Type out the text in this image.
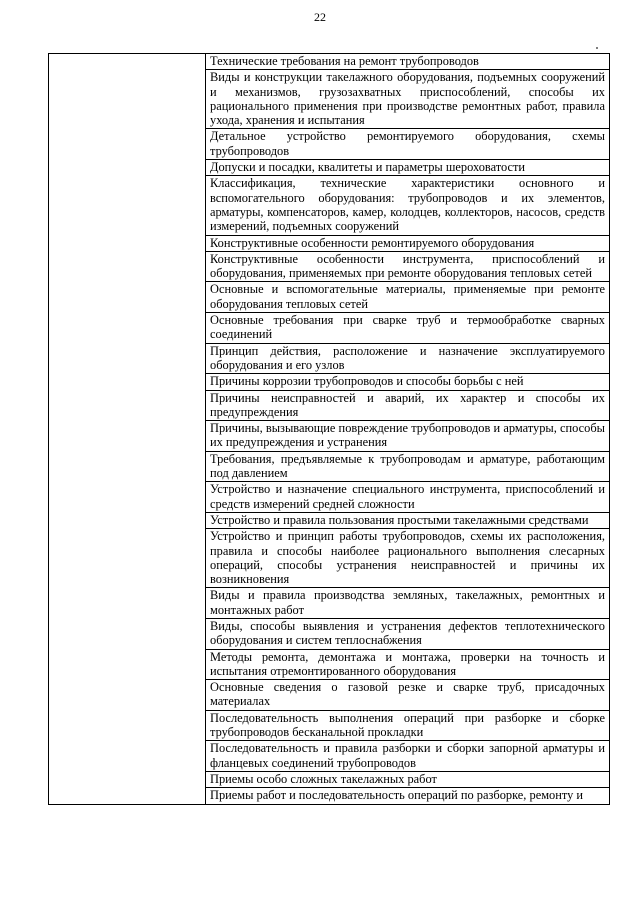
22
	Технические требования на ремонт трубопроводов
Виды и конструкции такелажного оборудования, подъемных сооружений и механизмов, грузозахватных приспособлений, способы их рационального применения при производстве ремонтных работ, правила ухода, хранения и испытания
Детальное устройство ремонтируемого оборудования, схемы трубопроводов
Допуски и посадки, квалитеты и параметры шероховатости
Классификация, технические характеристики основного и вспомогательного оборудования: трубопроводов и их элементов, арматуры, компенсаторов, камер, колодцев, коллекторов, насосов, средств измерений, подъемных сооружений
Конструктивные особенности ремонтируемого оборудования
Конструктивные особенности инструмента, приспособлений и оборудования, применяемых при ремонте оборудования тепловых сетей
Основные и вспомогательные материалы, применяемые при ремонте оборудования тепловых сетей
Основные требования при сварке труб и термообработке сварных соединений
Принцип действия, расположение и назначение эксплуатируемого оборудования и его узлов
Причины коррозии трубопроводов и способы борьбы с ней
Причины неисправностей и аварий, их характер и способы их предупреждения
Причины, вызывающие повреждение трубопроводов и арматуры, способы их предупреждения и устранения
Требования, предъявляемые к трубопроводам и арматуре, работающим под давлением
Устройство и назначение специального инструмента, приспособлений и средств измерений средней сложности
Устройство и правила пользования простыми такелажными средствами
Устройство и принцип работы трубопроводов, схемы их расположения, правила и способы наиболее рационального выполнения слесарных операций, способы устранения неисправностей и причины их возникновения
Виды и правила производства земляных, такелажных, ремонтных и монтажных работ
Виды, способы выявления и устранения дефектов теплотехнического оборудования и систем теплоснабжения
Методы ремонта, демонтажа и монтажа, проверки на точность и испытания отремонтированного оборудования
Основные сведения о газовой резке и сварке труб, присадочных материалах
Последовательность выполнения операций при разборке и сборке трубопроводов бесканальной прокладки
Последовательность и правила разборки и сборки запорной арматуры и фланцевых соединений трубопроводов
Приемы особо сложных такелажных работ
Приемы работ и последовательность операций по разборке, ремонту и
